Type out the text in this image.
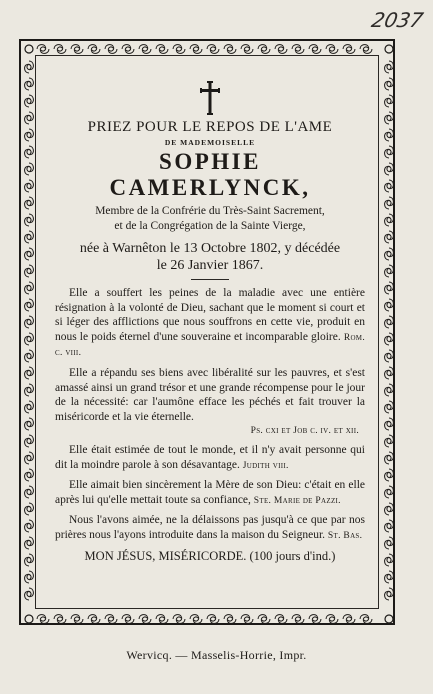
2037
PRIEZ POUR LE REPOS DE L'AME
DE MADEMOISELLE
SOPHIE CAMERLYNCK,
Membre de la Confrérie du Très-Saint Sacrement,
et de la Congrégation de la Sainte Vierge,
née à Warnêton le 13 Octobre 1802, y décédée
le 26 Janvier 1867.

Elle a souffert les peines de la maladie avec une entière résignation à la volonté de Dieu, sachant que le moment si court et si léger des afflictions que nous souffrons en cette vie, produit en nous le poids éternel d'une souveraine et incomparable gloire. Rom. c. viii.

Elle a répandu ses biens avec libéralité sur les pauvres, et s'est amassé ainsi un grand trésor et une grande récompense pour le jour de la nécessité: car l'aumône efface les péchés et fait trouver la miséricorde et la vie éternelle.

Ps. cxi et Job c. iv. et xii.

Elle était estimée de tout le monde, et il n'y avait personne qui dit la moindre parole à son désavantage. Judith viii.

Elle aimait bien sincèrement la Mère de son Dieu: c'était en elle après lui qu'elle mettait toute sa confiance, Ste. Marie de Pazzi.

Nous l'avons aimée, ne la délaissons pas jusqu'à ce que par nos prières nous l'ayons introduite dans la maison du Seigneur. St. Bas.

MON JÉSUS, MISÉRICORDE. (100 jours d'ind.)
Wervicq. — Masselis-Horrie, Impr.
